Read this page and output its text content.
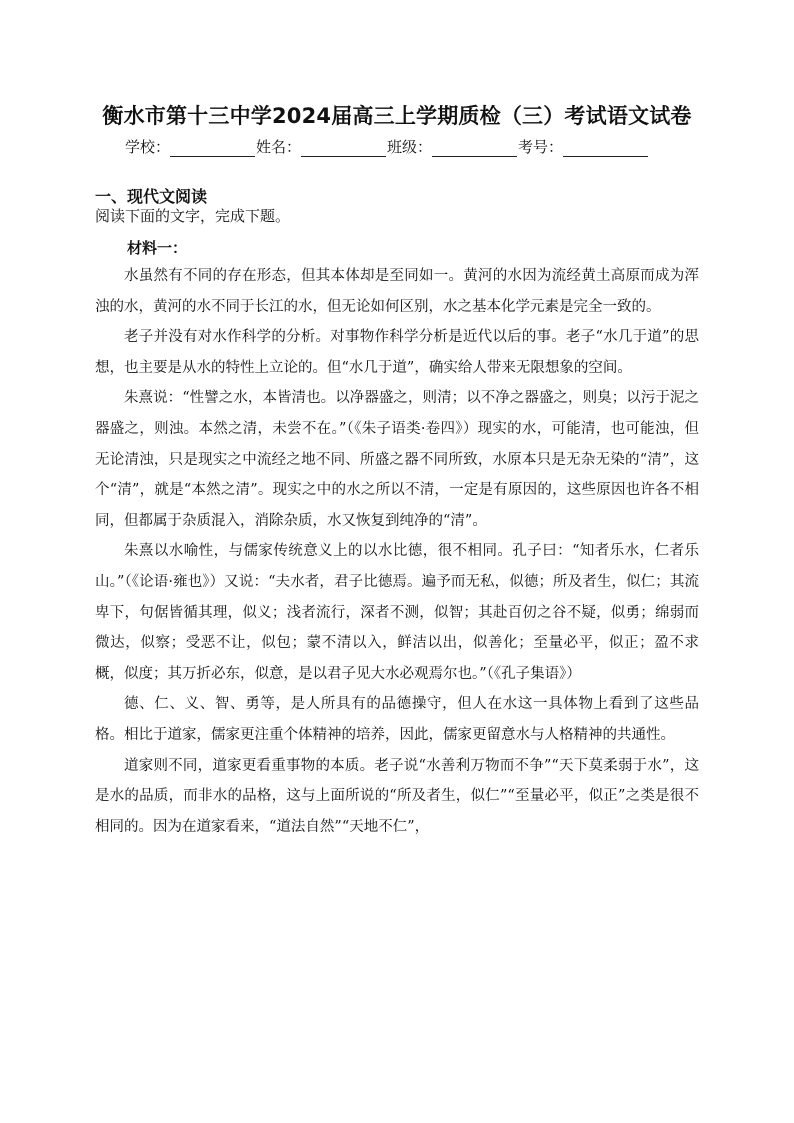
衡水市第十三中学2024届高三上学期质检（三）考试语文试卷
学校：	姓名：	班级：	考号：
一、现代文阅读
阅读下面的文字，完成下题。
材料一：

水虽然有不同的存在形态，但其本体却是至同如一。黄河的水因为流经黄土高原而成为浑浊的水，黄河的水不同于长江的水，但无论如何区别，水之基本化学元素是完全一致的。

老子并没有对水作科学的分析。对事物作科学分析是近代以后的事。老子“水几于道”的思想，也主要是从水的特性上立论的。但“水几于道”，确实给人带来无限想象的空间。

朱熹说：“性譬之水，本皆清也。以净器盛之，则清；以不净之器盛之，则臭；以污于泥之器盛之，则浊。本然之清，未尝不在。”（《朱子语类·卷四》）现实的水，可能清，也可能浊，但无论清浊，只是现实之中流经之地不同、所盛之器不同所致，水原本只是无杂无染的“清”，这个“清”，就是“本然之清”。现实之中的水之所以不清，一定是有原因的，这些原因也许各不相同，但都属于杂质混入，消除杂质，水又恢复到纯净的“清”。

朱熹以水喻性，与儒家传统意义上的以水比德，很不相同。孔子曰：“知者乐水，仁者乐山。”（《论语·雍也》）又说：“夫水者，君子比德焉。遍予而无私，似德；所及者生，似仁；其流卑下，句倨皆循其理，似义；浅者流行，深者不测，似智；其赴百仞之谷不疑，似勇；绵弱而微达，似察；受恶不让，似包；蒙不清以入，鲜洁以出，似善化；至量必平，似正；盈不求概，似度；其万折必东，似意，是以君子见大水必观焉尔也。”（《孔子集语》）

德、仁、义、智、勇等，是人所具有的品德操守，但人在水这一具体物上看到了这些品格。相比于道家，儒家更注重个体精神的培养，因此，儒家更留意水与人格精神的共通性。

道家则不同，道家更看重事物的本质。老子说“水善利万物而不争”“天下莫柔弱于水”，这是水的品质，而非水的品格，这与上面所说的“所及者生，似仁”“至量必平，似正”之类是很不相同的。因为在道家看来，“道法自然”“天地不仁”，
